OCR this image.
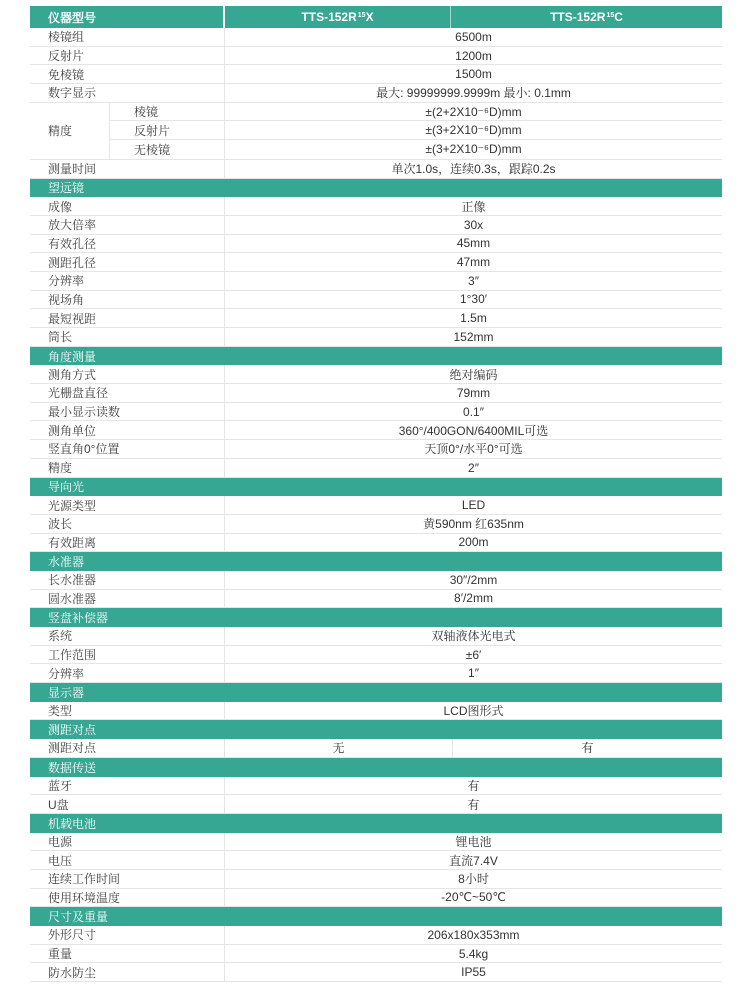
仪器型号	TTS-152R 15 X	TTS-152R 15 C
棱镜组	6500m
反射片	1200m
免棱镜	1500m
数字显示	最大: 99999999.9999m 最小: 0.1mm
精度
棱镜	±(2+2X10⁻⁶D)mm
反射片	±(3+2X10⁻⁶D)mm
无棱镜	±(3+2X10⁻⁶D)mm
测量时间	单次1.0s，连续0.3s，跟踪0.2s
望远镜
成像	正像
放大倍率	30x
有效孔径	45mm
测距孔径	47mm
分辨率	3″
视场角	1°30′
最短视距	1.5m
筒长	152mm
角度测量
测角方式	绝对编码
光栅盘直径	79mm
最小显示读数	0.1″
测角单位	360°/400GON/6400MIL可选
竖直角0°位置	天顶0°/水平0°可选
精度	2″
导向光
光源类型	LED
波长	黄590nm 红635nm
有效距离	200m
水准器
长水准器	30″/2mm
圆水准器	8′/2mm
竖盘补偿器
系统	双轴液体光电式
工作范围	±6′
分辨率	1″
显示器
类型	LCD图形式
测距对点
测距对点	无	有
数据传送
蓝牙	有
U盘	有
机载电池
电源	锂电池
电压	直流7.4V
连续工作时间	8小时
使用环境温度	-20℃~50℃
尺寸及重量
外形尺寸	206x180x353mm
重量	5.4kg
防水防尘	IP55
